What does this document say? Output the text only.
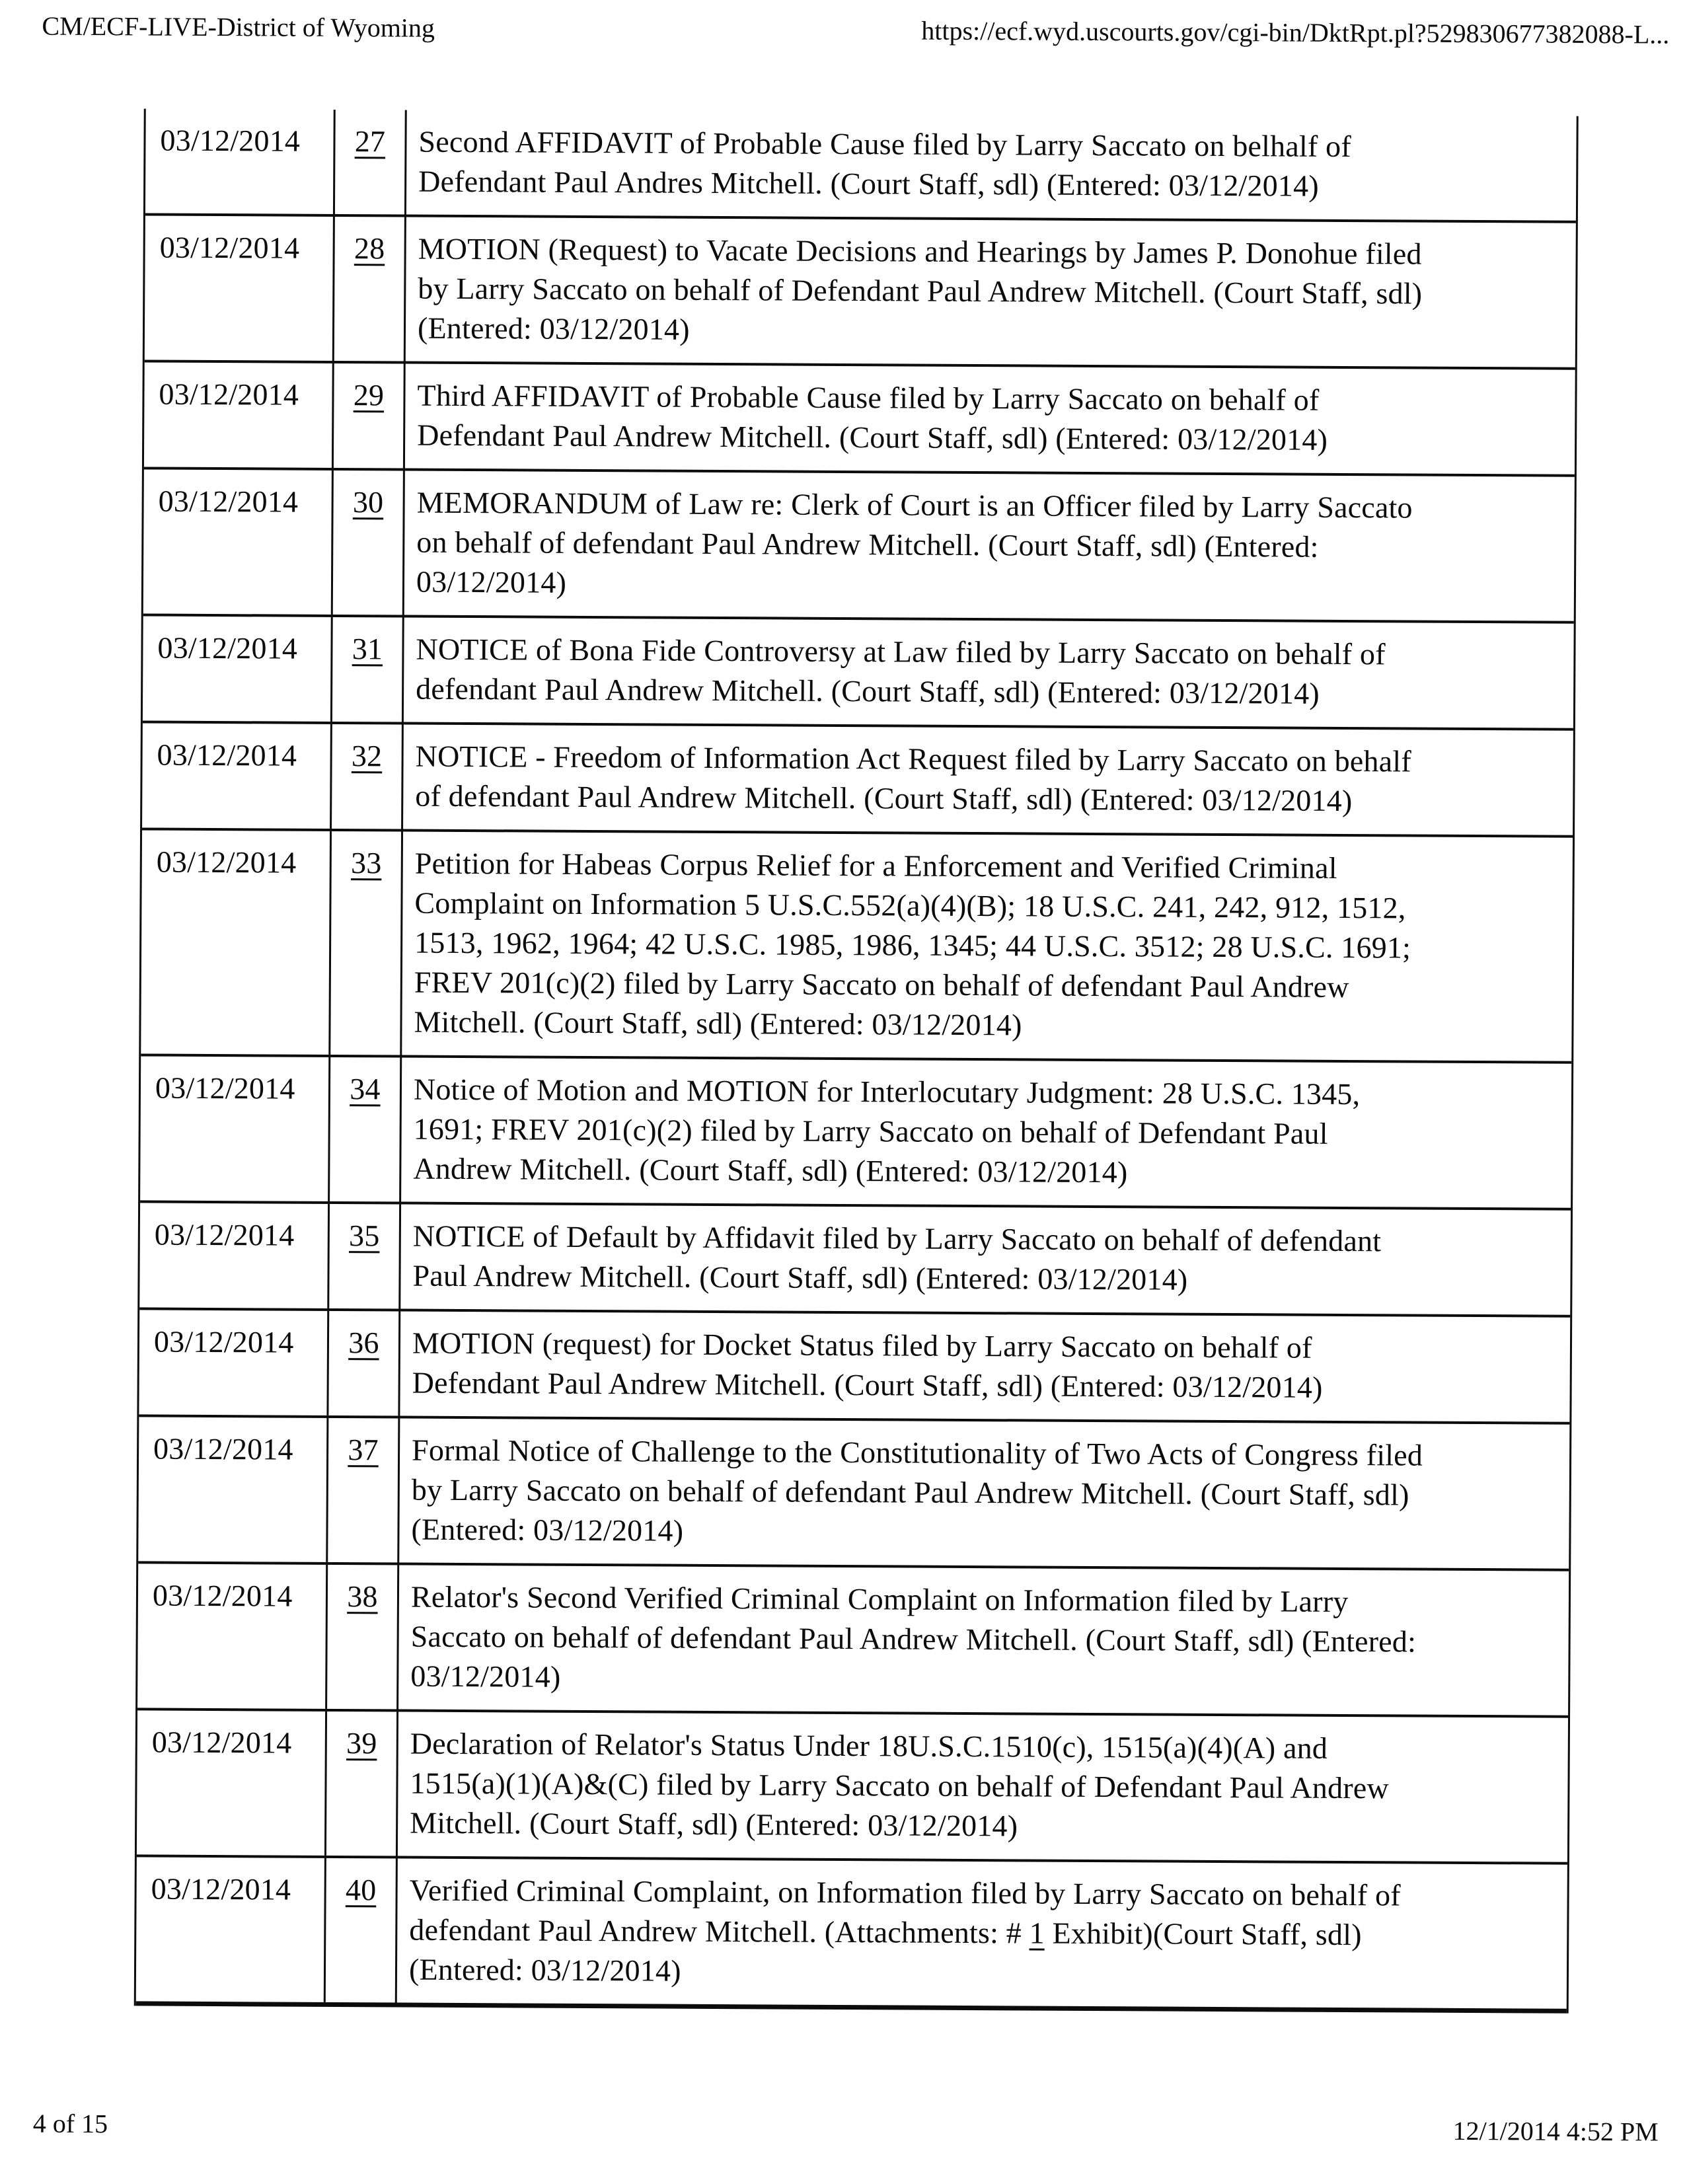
CM/ECF-LIVE-District of Wyoming	https://ecf.wyd.uscourts.gov/cgi-bin/DktRpt.pl?529830677382088-L...
03/12/2014	27	Second AFFIDAVIT of Probable Cause filed by Larry Saccato on belhalf of
Defendant Paul Andres Mitchell. (Court Staff, sdl) (Entered: 03/12/2014)
03/12/2014	28	MOTION (Request) to Vacate Decisions and Hearings by James P. Donohue filed
by Larry Saccato on behalf of Defendant Paul Andrew Mitchell. (Court Staff, sdl)
(Entered: 03/12/2014)
03/12/2014	29	Third AFFIDAVIT of Probable Cause filed by Larry Saccato on behalf of
Defendant Paul Andrew Mitchell. (Court Staff, sdl) (Entered: 03/12/2014)
03/12/2014	30	MEMORANDUM of Law re: Clerk of Court is an Officer filed by Larry Saccato
on behalf of defendant Paul Andrew Mitchell. (Court Staff, sdl) (Entered:
03/12/2014)
03/12/2014	31	NOTICE of Bona Fide Controversy at Law filed by Larry Saccato on behalf of
defendant Paul Andrew Mitchell. (Court Staff, sdl) (Entered: 03/12/2014)
03/12/2014	32	NOTICE - Freedom of Information Act Request filed by Larry Saccato on behalf
of defendant Paul Andrew Mitchell. (Court Staff, sdl) (Entered: 03/12/2014)
03/12/2014	33	Petition for Habeas Corpus Relief for a Enforcement and Verified Criminal
Complaint on Information 5 U.S.C.552(a)(4)(B); 18 U.S.C. 241, 242, 912, 1512,
1513, 1962, 1964; 42 U.S.C. 1985, 1986, 1345; 44 U.S.C. 3512; 28 U.S.C. 1691;
FREV 201(c)(2) filed by Larry Saccato on behalf of defendant Paul Andrew
Mitchell. (Court Staff, sdl) (Entered: 03/12/2014)
03/12/2014	34	Notice of Motion and MOTION for Interlocutary Judgment: 28 U.S.C. 1345,
1691; FREV 201(c)(2) filed by Larry Saccato on behalf of Defendant Paul
Andrew Mitchell. (Court Staff, sdl) (Entered: 03/12/2014)
03/12/2014	35	NOTICE of Default by Affidavit filed by Larry Saccato on behalf of defendant
Paul Andrew Mitchell. (Court Staff, sdl) (Entered: 03/12/2014)
03/12/2014	36	MOTION (request) for Docket Status filed by Larry Saccato on behalf of
Defendant Paul Andrew Mitchell. (Court Staff, sdl) (Entered: 03/12/2014)
03/12/2014	37	Formal Notice of Challenge to the Constitutionality of Two Acts of Congress filed
by Larry Saccato on behalf of defendant Paul Andrew Mitchell. (Court Staff, sdl)
(Entered: 03/12/2014)
03/12/2014	38	Relator's Second Verified Criminal Complaint on Information filed by Larry
Saccato on behalf of defendant Paul Andrew Mitchell. (Court Staff, sdl) (Entered:
03/12/2014)
03/12/2014	39	Declaration of Relator's Status Under 18U.S.C.1510(c), 1515(a)(4)(A) and
1515(a)(1)(A)&(C) filed by Larry Saccato on behalf of Defendant Paul Andrew
Mitchell. (Court Staff, sdl) (Entered: 03/12/2014)
03/12/2014	40	Verified Criminal Complaint, on Information filed by Larry Saccato on behalf of
defendant Paul Andrew Mitchell. (Attachments: # 1 Exhibit)(Court Staff, sdl)
(Entered: 03/12/2014)
4 of 15	12/1/2014 4:52 PM
